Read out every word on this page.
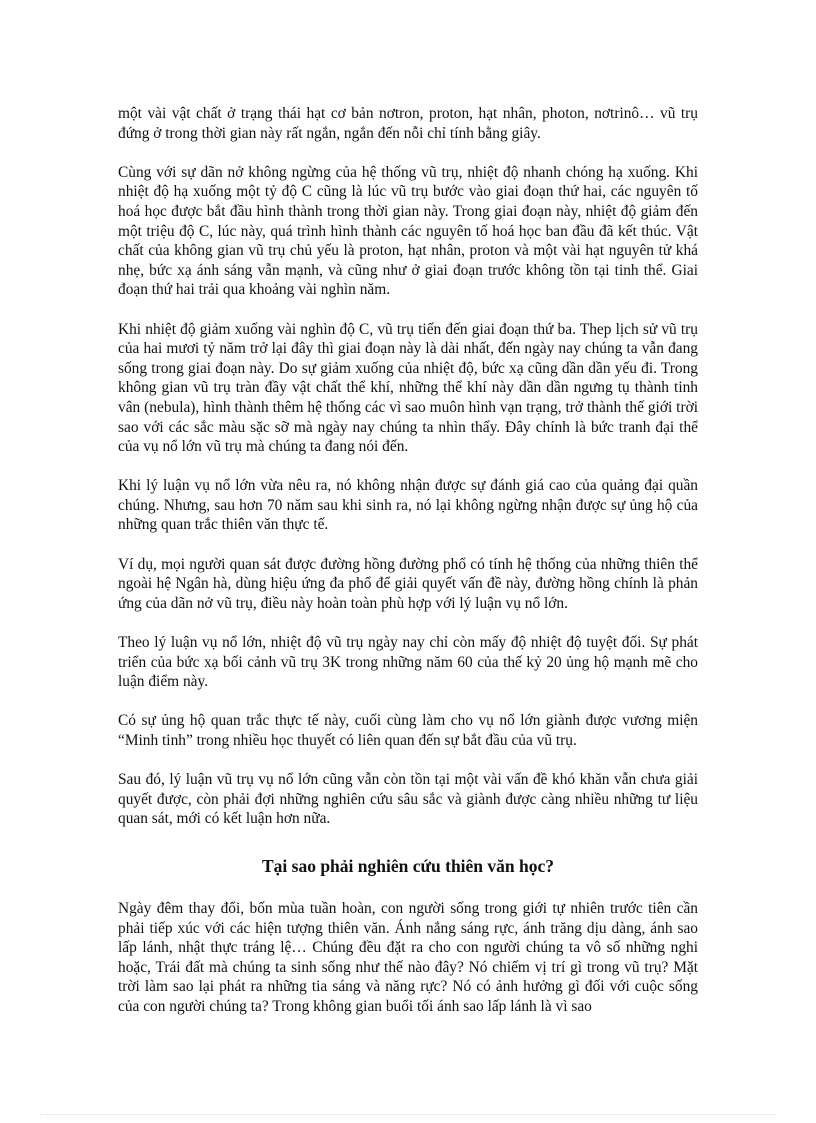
một vài vật chất ở trạng thái hạt cơ bản nơtron, proton, hạt nhân, photon, nơtrinô… vũ trụ đứng ở trong thời gian này rất ngắn, ngắn đến nỗi chỉ tính bằng giây.

Cùng với sự dãn nở không ngừng của hệ thống vũ trụ, nhiệt độ nhanh chóng hạ xuống. Khi nhiệt độ hạ xuống một tỷ độ C cũng là lúc vũ trụ bước vào giai đoạn thứ hai, các nguyên tố hoá học được bắt đầu hình thành trong thời gian này. Trong giai đoạn này, nhiệt độ giảm đến một triệu độ C, lúc này, quá trình hình thành các nguyên tố hoá học ban đầu đã kết thúc. Vật chất của không gian vũ trụ chủ yếu là proton, hạt nhân, proton và một vài hạt nguyên tử khá nhẹ, bức xạ ánh sáng vẫn mạnh, và cũng như ở giai đoạn trước không tồn tại tinh thể. Giai đoạn thứ hai trải qua khoảng vài nghìn năm.

Khi nhiệt độ giảm xuống vài nghìn độ C, vũ trụ tiến đến giai đoạn thứ ba. Thep lịch sử vũ trụ của hai mươi tỷ năm trở lại đây thì giai đoạn này là dài nhất, đến ngày nay chúng ta vẫn đang sống trong giai đoạn này. Do sự giảm xuống của nhiệt độ, bức xạ cũng dần dần yếu đi. Trong không gian vũ trụ tràn đầy vật chất thể khí, những thể khí này dần dần ngưng tụ thành tinh vân (nebula), hình thành thêm hệ thống các vì sao muôn hình vạn trạng, trở thành thế giới trời sao với các sắc màu sặc sỡ mà ngày nay chúng ta nhìn thấy. Đây chính là bức tranh đại thể của vụ nổ lớn vũ trụ mà chúng ta đang nói đến.

Khi lý luận vụ nổ lớn vừa nêu ra, nó không nhận được sự đánh giá cao của quảng đại quần chúng. Nhưng, sau hơn 70 năm sau khi sinh ra, nó lại không ngừng nhận được sự ủng hộ của những quan trắc thiên văn thực tế.

Ví dụ, mọi người quan sát được đường hồng đường phổ có tính hệ thống của những thiên thể ngoài hệ Ngân hà, dùng hiệu ứng đa phổ để giải quyết vấn đề này, đường hồng chính là phản ứng của dãn nở vũ trụ, điều này hoàn toàn phù hợp với lý luận vụ nổ lớn.

Theo lý luận vụ nổ lớn, nhiệt độ vũ trụ ngày nay chỉ còn mấy độ nhiệt độ tuyệt đối. Sự phát triển của bức xạ bối cảnh vũ trụ 3K trong những năm 60 của thế kỷ 20 ủng hộ mạnh mẽ cho luận điểm này.

Có sự ủng hộ quan trắc thực tế này, cuối cùng làm cho vụ nổ lớn giành được vương miện “Minh tinh” trong nhiều học thuyết có liên quan đến sự bắt đầu của vũ trụ.

Sau đó, lý luận vũ trụ vụ nổ lớn cũng vẫn còn tồn tại một vài vấn đề khó khăn vẫn chưa giải quyết được, còn phải đợi những nghiên cứu sâu sắc và giành được càng nhiều những tư liệu quan sát, mới có kết luận hơn nữa.

Tại sao phải nghiên cứu thiên văn học?

Ngày đêm thay đổi, bốn mùa tuần hoàn, con người sống trong giới tự nhiên trước tiên cần phải tiếp xúc với các hiện tượng thiên văn. Ánh nắng sáng rực, ánh trăng dịu dàng, ánh sao lấp lánh, nhật thực tráng lệ… Chúng đều đặt ra cho con người chúng ta vô số những nghi hoặc, Trái đất mà chúng ta sinh sống như thế nào đây? Nó chiếm vị trí gì trong vũ trụ? Mặt trời làm sao lại phát ra những tia sáng và năng rực? Nó có ảnh hưởng gì đối với cuộc sống của con người chúng ta? Trong không gian buổi tối ánh sao lấp lánh là vì sao
